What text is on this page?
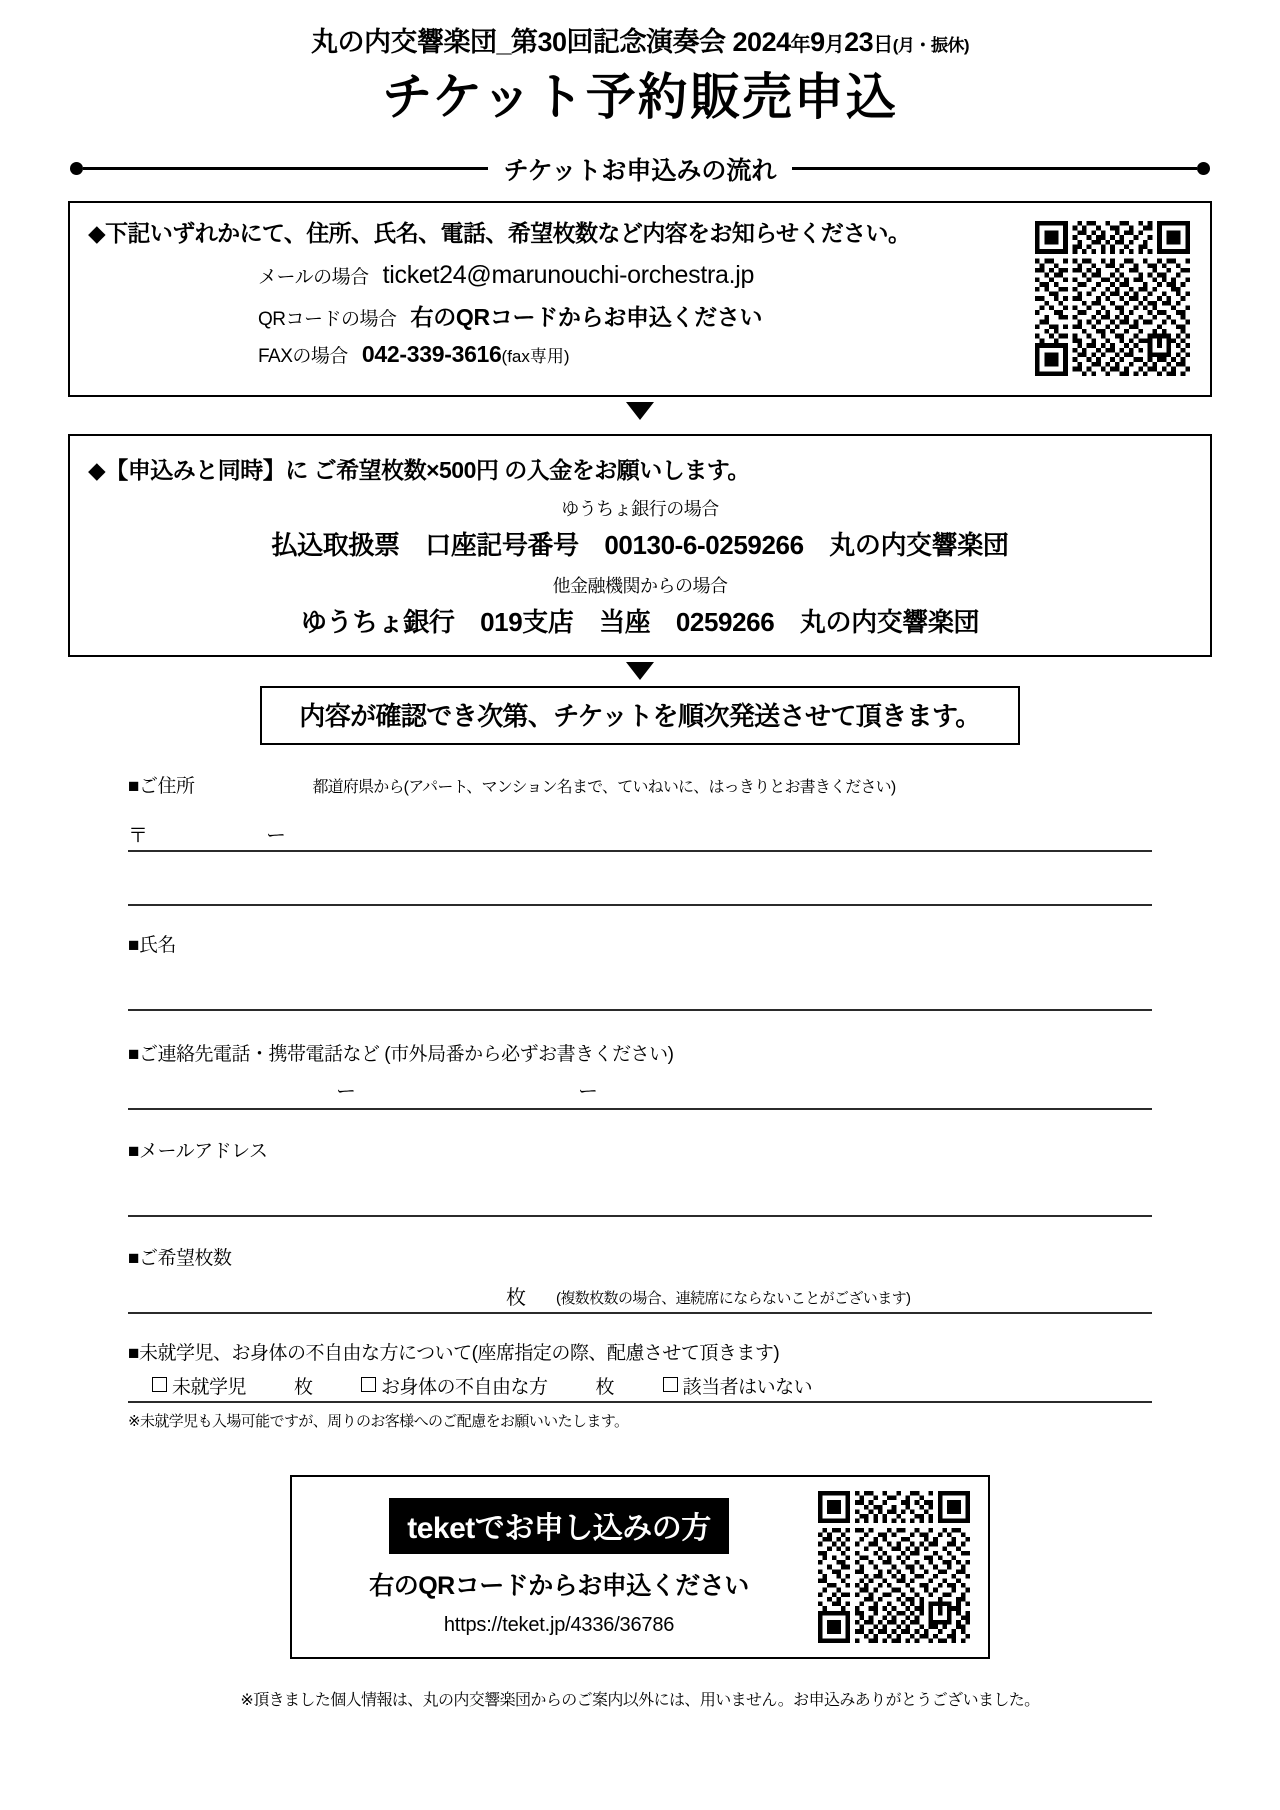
丸の内交響楽団_第30回記念演奏会 2024年9月23日(月・振休)
チケット予約販売申込
チケットお申込みの流れ
◆下記いずれかにて、住所、氏名、電話、希望枚数など内容をお知らせください。
メールの場合 ticket24@marunouchi-orchestra.jp
QRコードの場合 右のQRコードからお申込ください
FAXの場合 042-339-3616 (fax専用)
◆【申込みと同時】に ご希望枚数×500円 の入金をお願いします。
ゆうちょ銀行の場合
払込取扱票　口座記号番号　00130-6-0259266　丸の内交響楽団
他金融機関からの場合
ゆうちょ銀行　019支店　当座　0259266　丸の内交響楽団
内容が確認でき次第、チケットを順次発送させて頂きます。
■ご住所	都道府県から(アパート、マンション名まで、ていねいに、はっきりとお書きください)
〒	ー
■氏名
■ご連絡先電話・携帯電話など (市外局番から必ずお書きください)
ー	ー
■メールアドレス
■ご希望枚数
枚 (複数枚数の場合、連続席にならないことがございます)
■未就学児、お身体の不自由な方について(座席指定の際、配慮させて頂きます)
未就学児	枚	お身体の不自由な方	枚	該当者はいない
※未就学児も入場可能ですが、周りのお客様へのご配慮をお願いいたします。
teketでお申し込みの方
右のQRコードからお申込ください
https://teket.jp/4336/36786
※頂きました個人情報は、丸の内交響楽団からのご案内以外には、用いません。お申込みありがとうございました。
